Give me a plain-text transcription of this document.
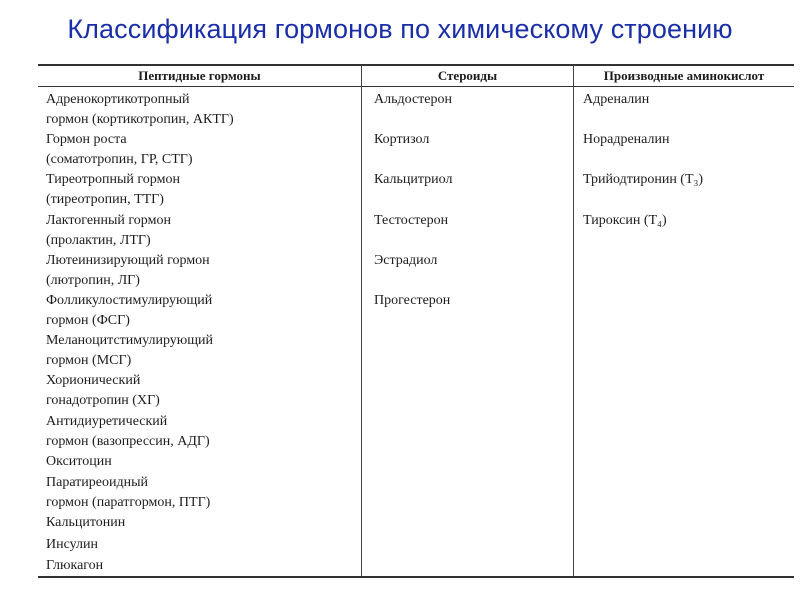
Классификация гормонов по химическому строению
Пептидные гормоны	Стероиды	Производные аминокислот
Адренокортикотропный
гормон (кортикотропин, АКТГ)
Гормон роста
(соматотропин, ГР, СТГ)
Тиреотропный гормон
(тиреотропин, ТТГ)
Лактогенный гормон
(пролактин, ЛТГ)
Лютеинизирующий гормон
(лютропин, ЛГ)
Фолликулостимулирующий
гормон (ФСГ)
Меланоцитстимулирующий
гормон (МСГ)
Хорионический
гонадотропин (ХГ)
Антидиуретический
гормон (вазопрессин, АДГ)
Окситоцин
Паратиреоидный
гормон (паратгормон, ПТГ)
Кальцитонин
Инсулин
Глюкагон
Альдостерон
Кортизол
Кальцитриол
Тестостерон
Эстрадиол
Прогестерон
Адреналин
Норадреналин
Трийодтиронин (T₃)
Тироксин (T₄)
